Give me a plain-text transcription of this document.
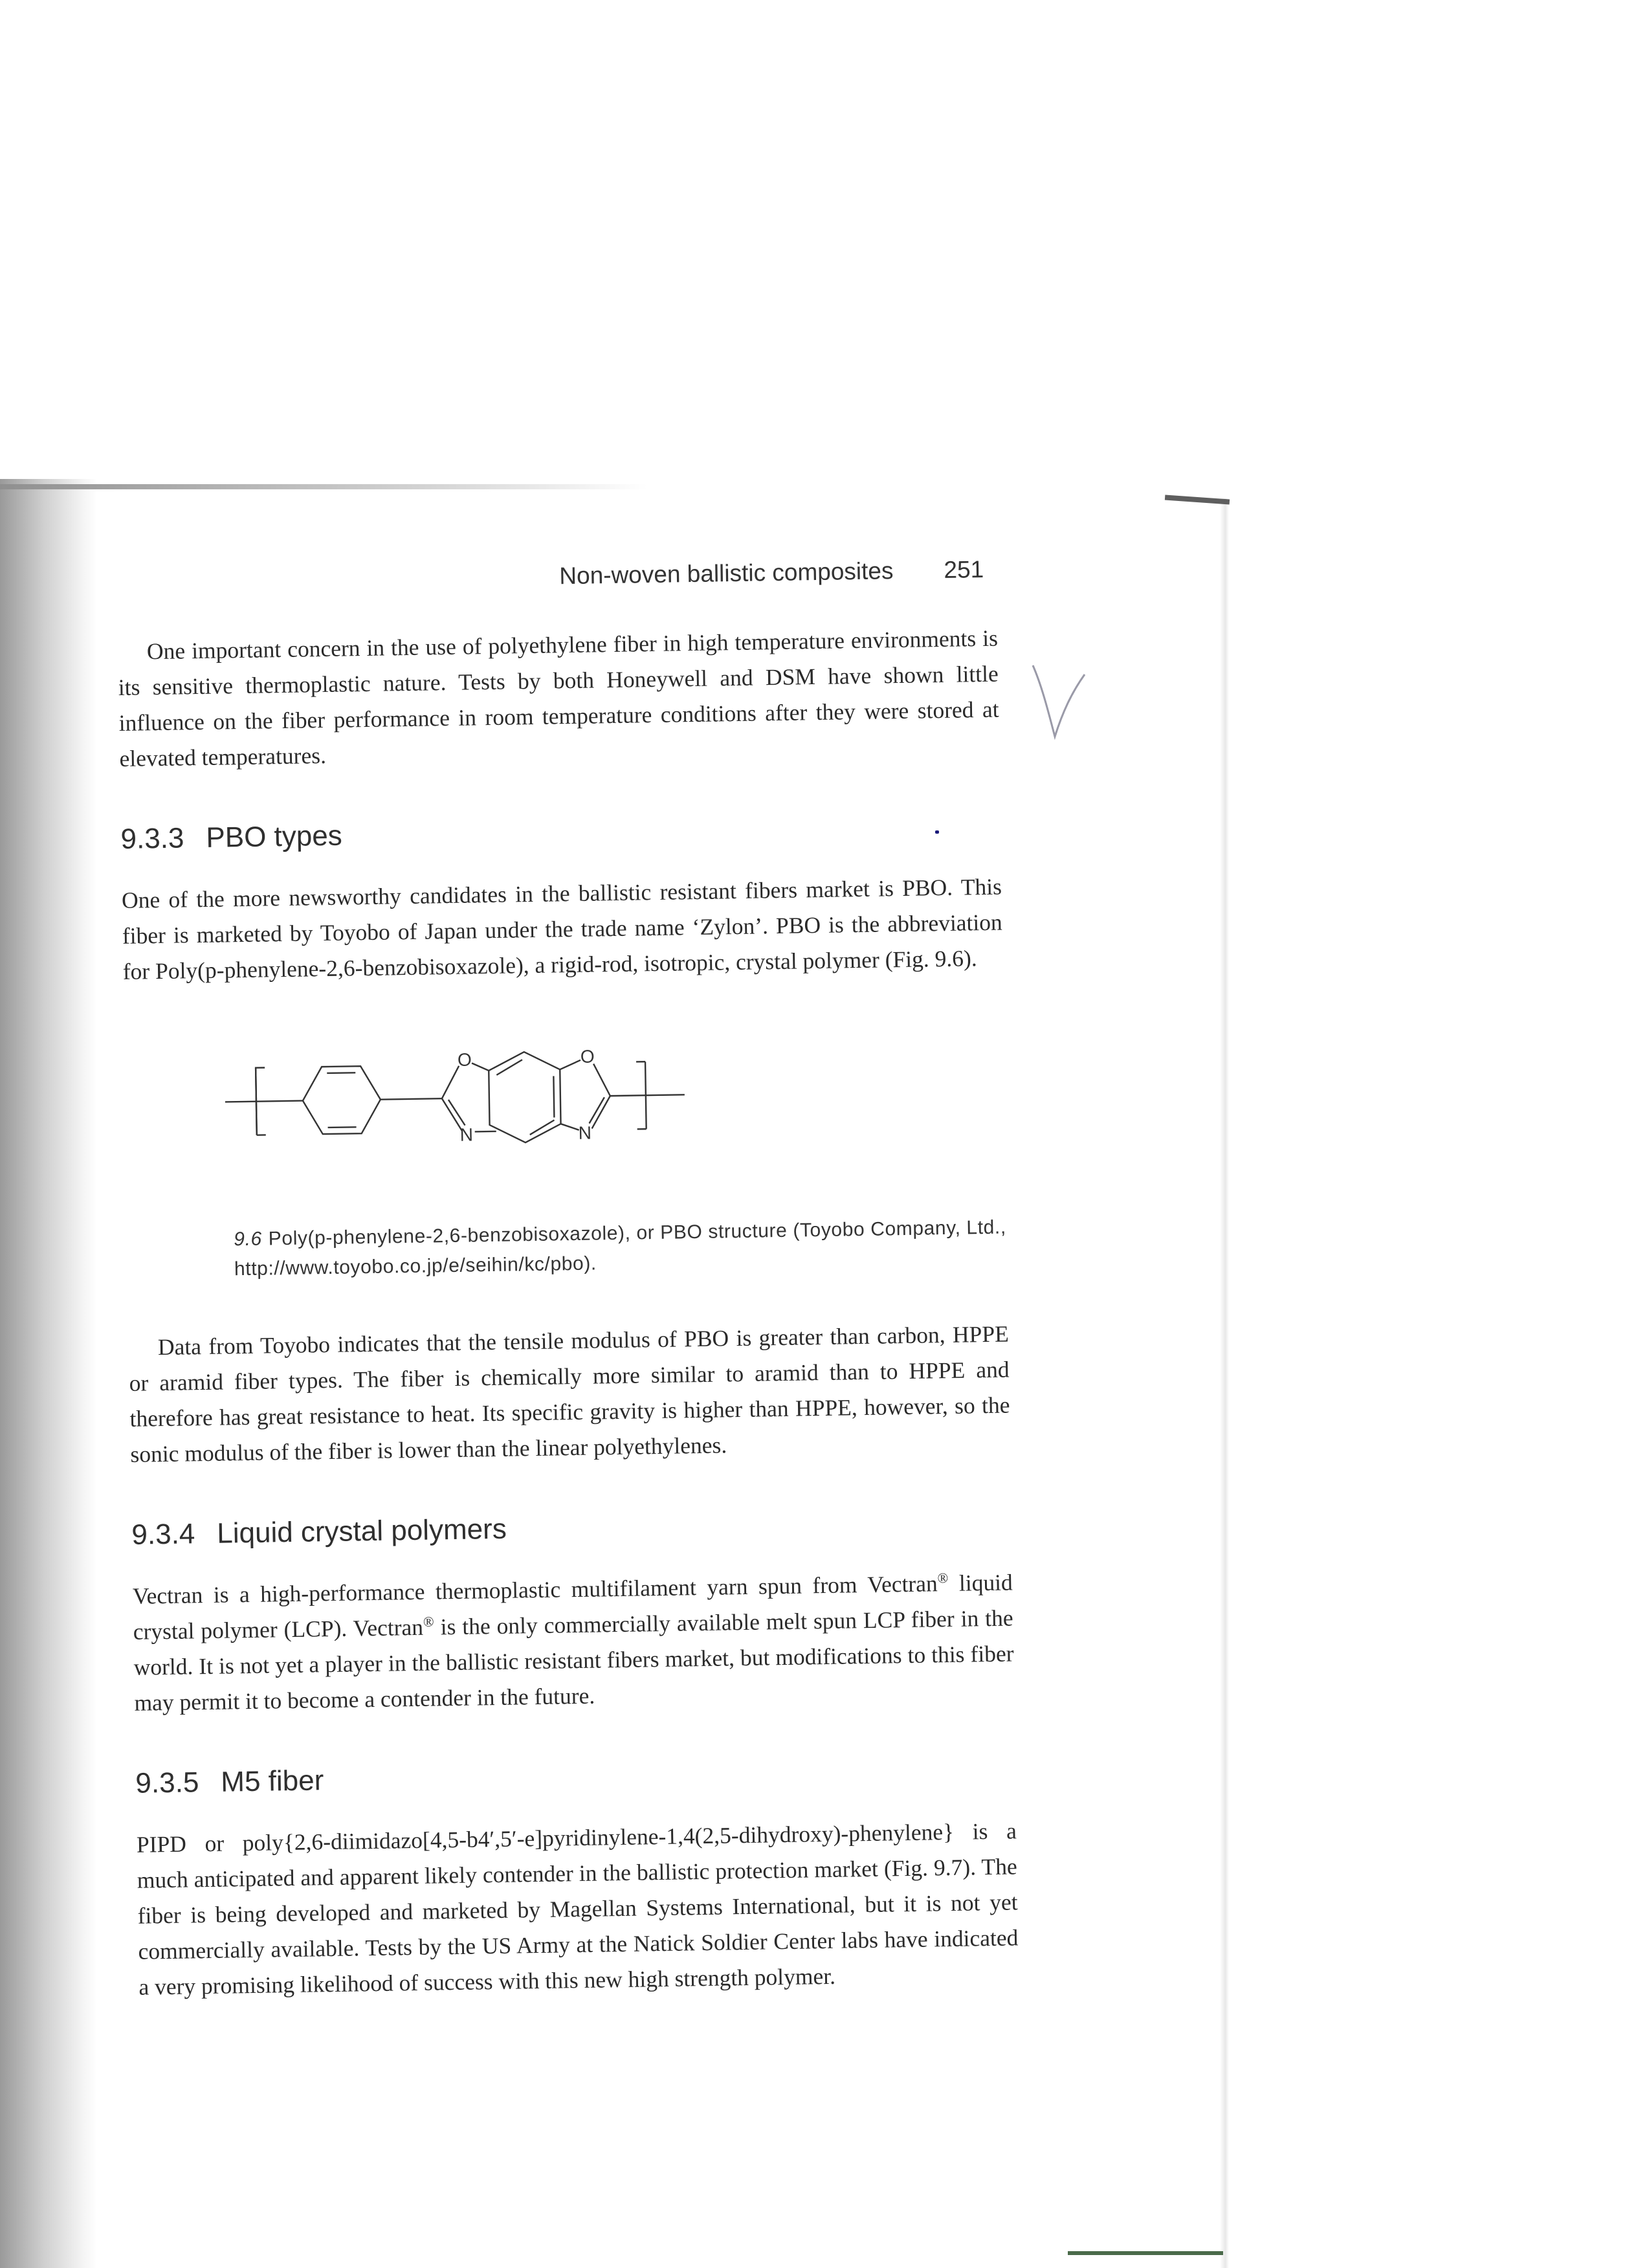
Non-woven ballistic composites 251

One important concern in the use of polyethylene fiber in high temperature environments is its sensitive thermoplastic nature. Tests by both Honeywell and DSM have shown little influence on the fiber performance in room temperature conditions after they were stored at elevated temperatures.

9.3.3 PBO types

One of the more newsworthy candidates in the ballistic resistant fibers market is PBO. This fiber is marketed by Toyobo of Japan under the trade name ‘Zylon’. PBO is the abbreviation for Poly(p-phenylene-2,6-benzobisoxazole), a rigid-rod, isotropic, crystal polymer (Fig. 9.6).

O	O
N	N
9.6 Poly(p-phenylene-2,6-benzobisoxazole), or PBO structure (Toyobo Company, Ltd., http://www.toyobo.co.jp/e/seihin/kc/pbo).

Data from Toyobo indicates that the tensile modulus of PBO is greater than carbon, HPPE or aramid fiber types. The fiber is chemically more similar to aramid than to HPPE and therefore has great resistance to heat. Its specific gravity is higher than HPPE, however, so the sonic modulus of the fiber is lower than the linear polyethylenes.

9.3.4 Liquid crystal polymers

Vectran is a high-performance thermoplastic multifilament yarn spun from Vectran® liquid crystal polymer (LCP). Vectran® is the only commercially available melt spun LCP fiber in the world. It is not yet a player in the ballistic resistant fibers market, but modifications to this fiber may permit it to become a contender in the future.

9.3.5 M5 fiber

PIPD or poly{2,6-diimidazo[4,5-b4′,5′-e]pyridinylene-1,4(2,5-dihydroxy)-phenylene} is a much anticipated and apparent likely contender in the ballistic protection market (Fig. 9.7). The fiber is being developed and marketed by Magellan Systems International, but it is not yet commercially available. Tests by the US Army at the Natick Soldier Center labs have indicated a very promising likelihood of success with this new high strength polymer.
